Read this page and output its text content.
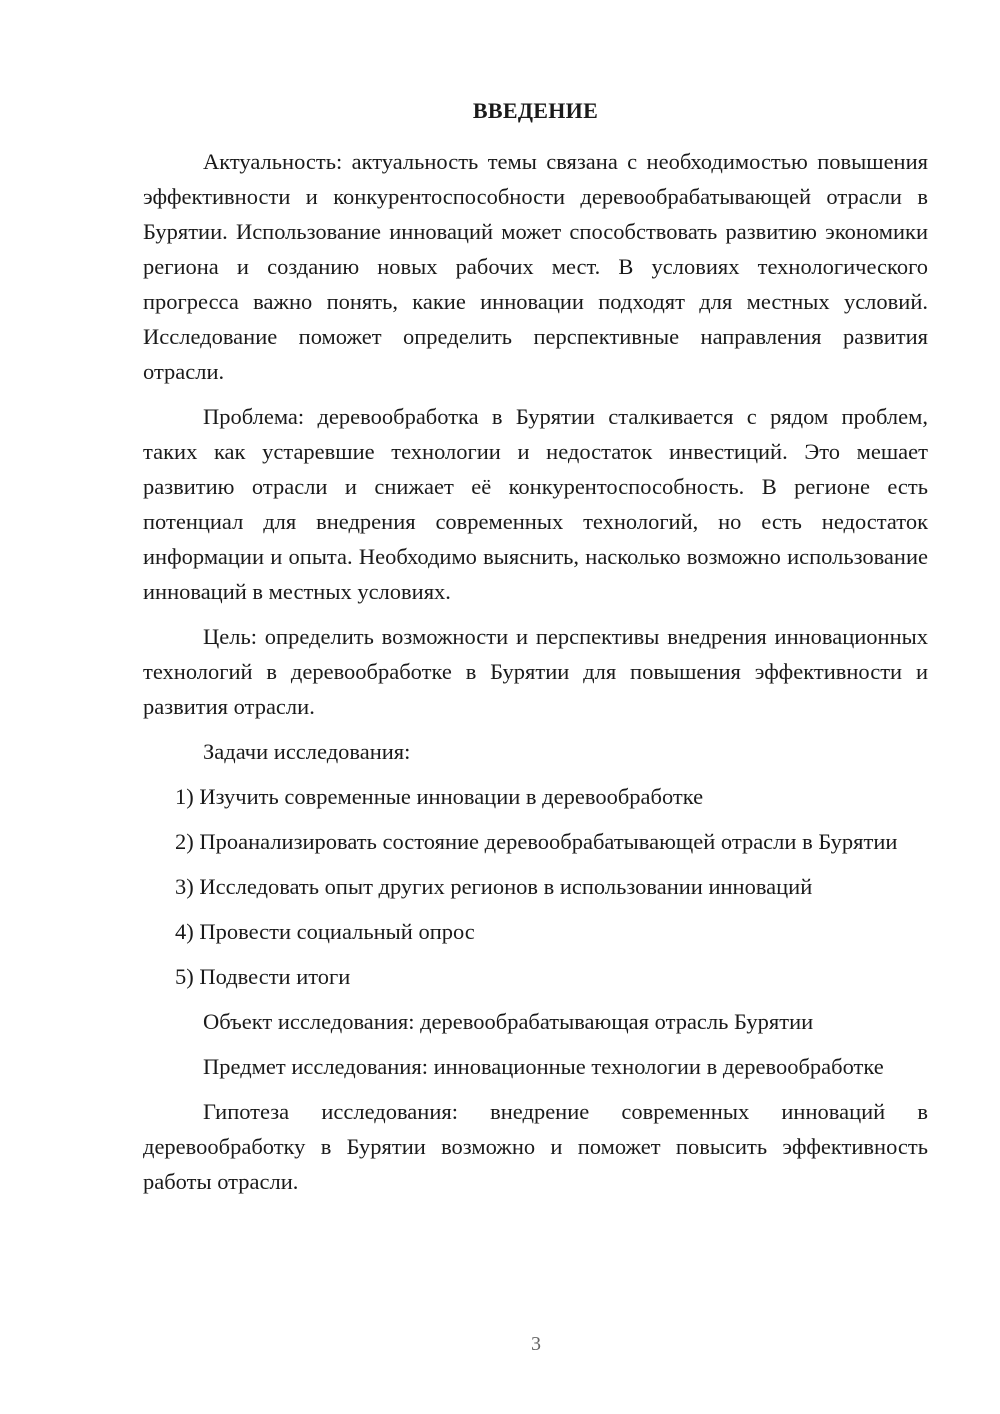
ВВЕДЕНИЕ

Актуальность: актуальность темы связана с необходимостью повышения эффективности и конкурентоспособности деревообрабатывающей отрасли в Бурятии. Использование инноваций может способствовать развитию экономики региона и созданию новых рабочих мест. В условиях технологического прогресса важно понять, какие инновации подходят для местных условий. Исследование поможет определить перспективные направления развития отрасли.

Проблема: деревообработка в Бурятии сталкивается с рядом проблем, таких как устаревшие технологии и недостаток инвестиций. Это мешает развитию отрасли и снижает её конкурентоспособность. В регионе есть потенциал для внедрения современных технологий, но есть недостаток информации и опыта. Необходимо выяснить, насколько возможно использование инноваций в местных условиях.

Цель: определить возможности и перспективы внедрения инновационных технологий в деревообработке в Бурятии для повышения эффективности и развития отрасли.

Задачи исследования:

1) Изучить современные инновации в деревообработке

2) Проанализировать состояние деревообрабатывающей отрасли в Бурятии

3) Исследовать опыт других регионов в использовании инноваций

4) Провести социальный опрос

5) Подвести итоги

Объект исследования: деревообрабатывающая отрасль Бурятии

Предмет исследования: инновационные технологии в деревообработке

Гипотеза исследования: внедрение современных инноваций в деревообработку в Бурятии возможно и поможет повысить эффективность работы отрасли.

3
